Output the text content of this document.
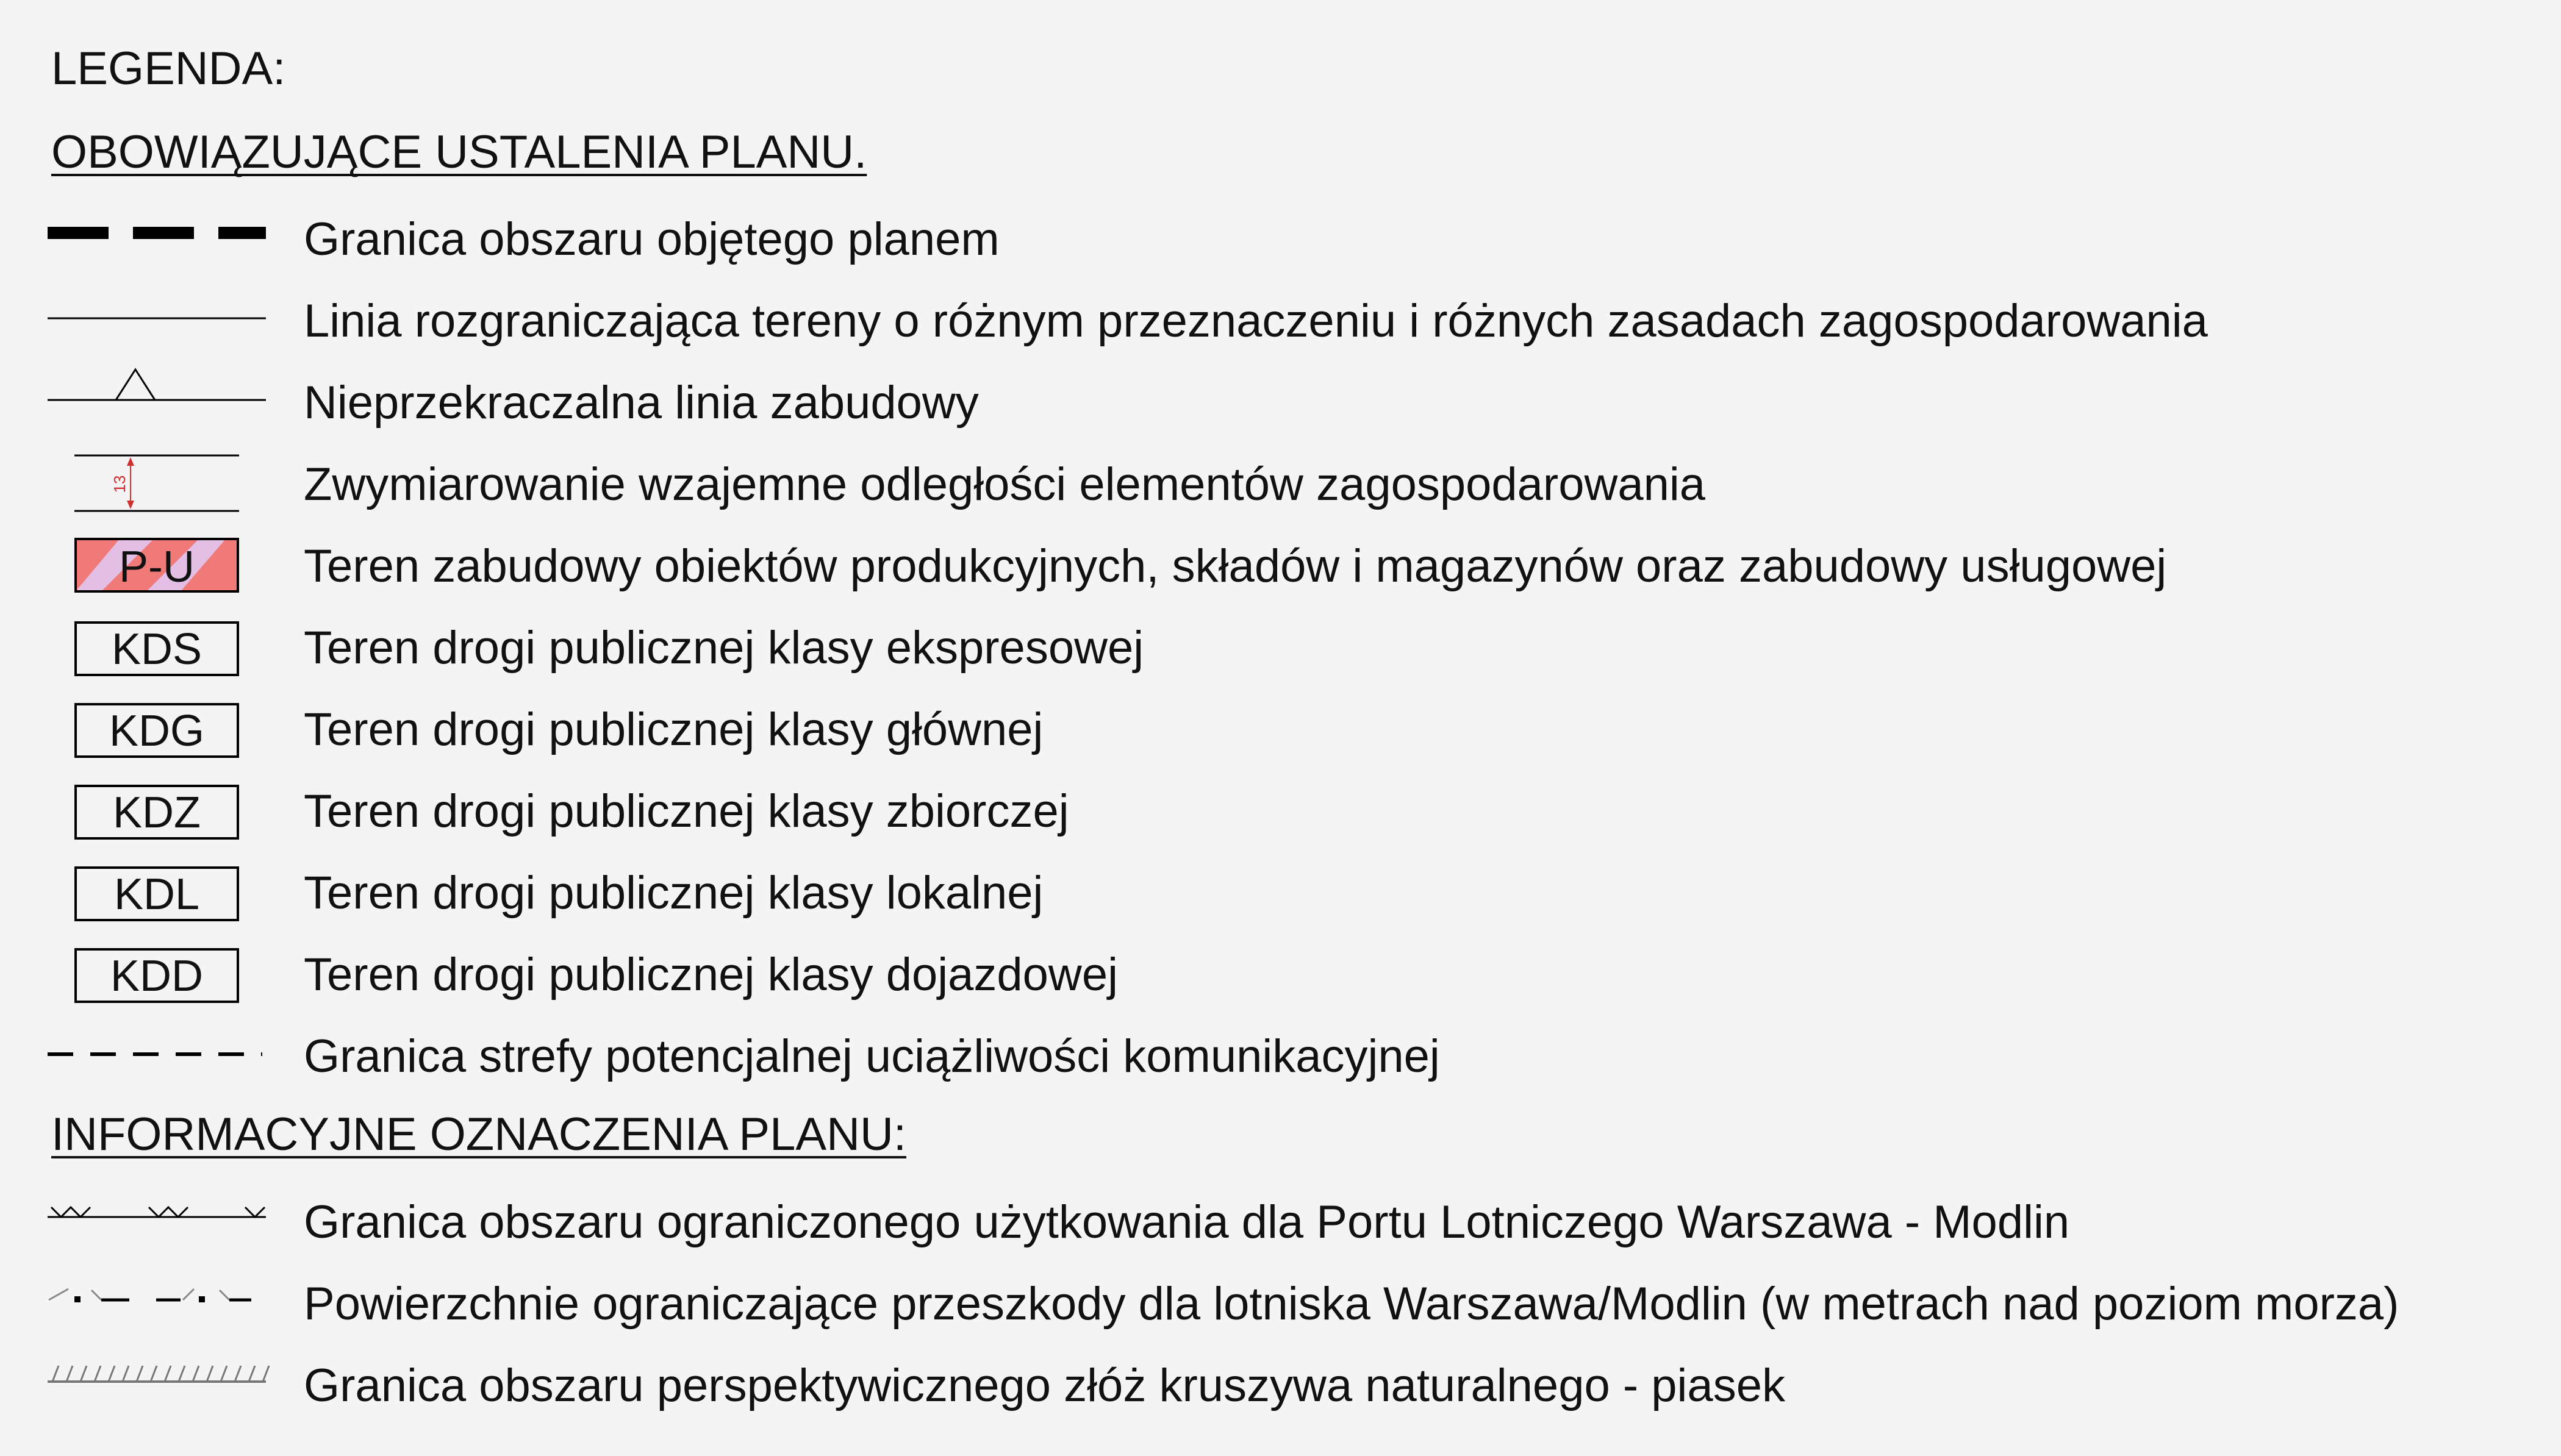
LEGENDA:
OBOWIĄZUJĄCE USTALENIA PLANU.
INFORMACYJNE OZNACZENIA PLANU:
13
P-U
Granica obszaru objętego planem
Linia rozgraniczająca tereny o różnym przeznaczeniu i różnych zasadach zagospodarowania
Nieprzekraczalna linia zabudowy
Zwymiarowanie wzajemne odległości elementów zagospodarowania
Teren zabudowy obiektów produkcyjnych, składów i magazynów oraz zabudowy usługowej
Teren drogi publicznej klasy ekspresowej
KDS
Teren drogi publicznej klasy głównej
KDG
Teren drogi publicznej klasy zbiorczej
KDZ
Teren drogi publicznej klasy lokalnej
KDL
Teren drogi publicznej klasy dojazdowej
KDD
Granica strefy potencjalnej uciążliwości komunikacyjnej
Granica obszaru ograniczonego użytkowania dla Portu Lotniczego Warszawa - Modlin
Powierzchnie ograniczające przeszkody dla lotniska Warszawa/Modlin (w metrach nad poziom morza)
Granica obszaru perspektywicznego złóż kruszywa naturalnego - piasek
